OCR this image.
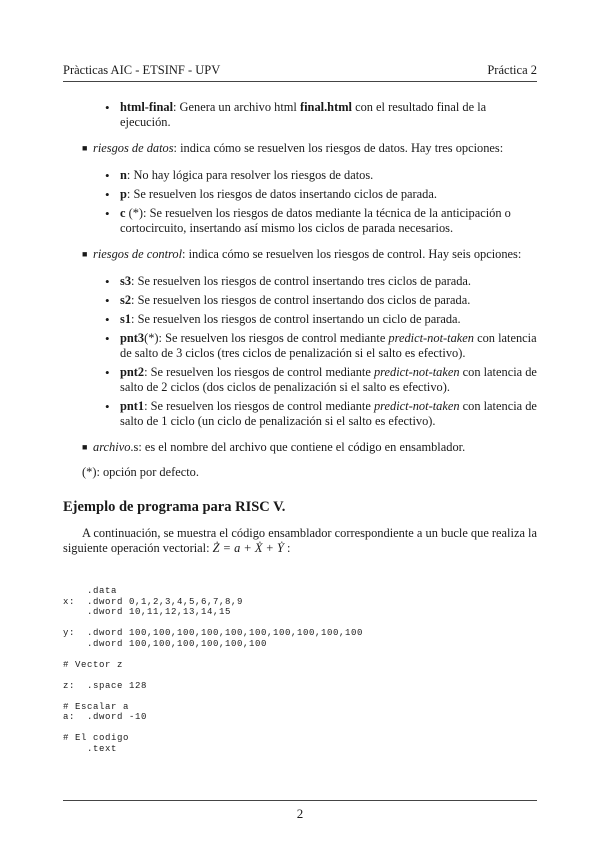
Pràcticas AIC - ETSINF - UPV	Práctica 2
• html-final: Genera un archivo html final.html con el resultado final de la ejecución.
■ riesgos de datos: indica cómo se resuelven los riesgos de datos. Hay tres opciones:
• n: No hay lógica para resolver los riesgos de datos.
• p: Se resuelven los riesgos de datos insertando ciclos de parada.
• c (*): Se resuelven los riesgos de datos mediante la técnica de la anticipación o cortocircuito, insertando así mismo los ciclos de parada necesarios.
■ riesgos de control: indica cómo se resuelven los riesgos de control. Hay seis opciones:
• s3: Se resuelven los riesgos de control insertando tres ciclos de parada.
• s2: Se resuelven los riesgos de control insertando dos ciclos de parada.
• s1: Se resuelven los riesgos de control insertando un ciclo de parada.
• pnt3(*): Se resuelven los riesgos de control mediante predict-not-taken con latencia de salto de 3 ciclos (tres ciclos de penalización si el salto es efectivo).
• pnt2: Se resuelven los riesgos de control mediante predict-not-taken con latencia de salto de 2 ciclos (dos ciclos de penalización si el salto es efectivo).
• pnt1: Se resuelven los riesgos de control mediante predict-not-taken con latencia de salto de 1 ciclo (un ciclo de penalización si el salto es efectivo).
■ archivo.s: es el nombre del archivo que contiene el código en ensamblador.
(*): opción por defecto.
Ejemplo de programa para RISC V.
A continuación, se muestra el código ensamblador correspondiente a un bucle que realiza la siguiente operación vectorial: Ż = a + Ẋ + Ẏ :
.data
x:  .dword 0,1,2,3,4,5,6,7,8,9
.dword 10,11,12,13,14,15

y:  .dword 100,100,100,100,100,100,100,100,100,100
.dword 100,100,100,100,100,100

# Vector z

z:  .space 128

# Escalar a
a:  .dword -10

# El codigo
.text
2
